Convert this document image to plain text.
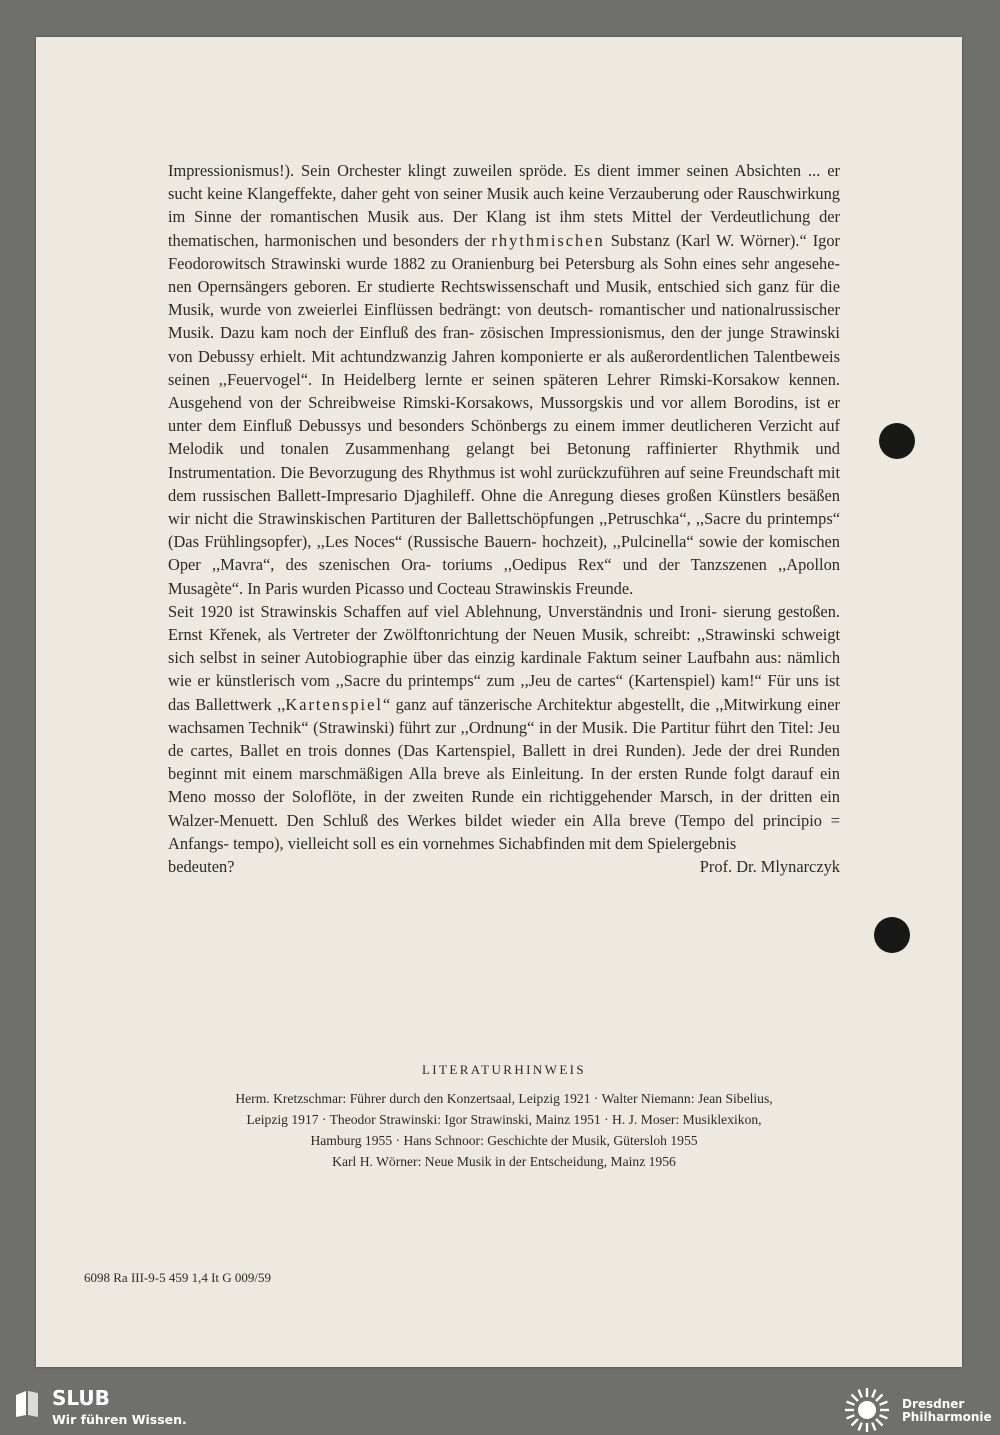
Impressionismus!). Sein Orchester klingt zuweilen spröde. Es dient immer seinen Absichten ... er sucht keine Klangeffekte, daher geht von seiner Musik auch keine Verzauberung oder Rauschwirkung im Sinne der romantischen Musik aus. Der Klang ist ihm stets Mittel der Verdeutlichung der thematischen, harmonischen und besonders der rhythmischen Substanz (Karl W. Wörner).“ Igor Feodorowitsch Strawinski wurde 1882 zu Oranienburg bei Petersburg als Sohn eines sehr angesehe- nen Opernsängers geboren. Er studierte Rechtswissenschaft und Musik, entschied sich ganz für die Musik, wurde von zweierlei Einflüssen bedrängt: von deutsch- romantischer und nationalrussischer Musik. Dazu kam noch der Einfluß des fran- zösischen Impressionismus, den der junge Strawinski von Debussy erhielt. Mit achtundzwanzig Jahren komponierte er als außerordentlichen Talentbeweis seinen ,,Feuervogel“. In Heidelberg lernte er seinen späteren Lehrer Rimski-Korsakow kennen. Ausgehend von der Schreibweise Rimski-Korsakows, Mussorgskis und vor allem Borodins, ist er unter dem Einfluß Debussys und besonders Schönbergs zu einem immer deutlicheren Verzicht auf Melodik und tonalen Zusammenhang gelangt bei Betonung raffinierter Rhythmik und Instrumentation. Die Bevorzugung des Rhythmus ist wohl zurückzuführen auf seine Freundschaft mit dem russischen Ballett-Impresario Djaghileff. Ohne die Anregung dieses großen Künstlers besäßen wir nicht die Strawinskischen Partituren der Ballettschöpfungen ,,Petruschka“, ,,Sacre du printemps“ (Das Frühlingsopfer), ,,Les Noces“ (Russische Bauern- hochzeit), ,,Pulcinella“ sowie der komischen Oper ,,Mavra“, des szenischen Ora- toriums ,,Oedipus Rex“ und der Tanzszenen ,,Apollon Musagète“. In Paris wurden Picasso und Cocteau Strawinskis Freunde.

Seit 1920 ist Strawinskis Schaffen auf viel Ablehnung, Unverständnis und Ironi- sierung gestoßen. Ernst Křenek, als Vertreter der Zwölftonrichtung der Neuen Musik, schreibt: ,,Strawinski schweigt sich selbst in seiner Autobiographie über das einzig kardinale Faktum seiner Laufbahn aus: nämlich wie er künstlerisch vom ,,Sacre du printemps“ zum ,,Jeu de cartes“ (Kartenspiel) kam!“ Für uns ist das Ballettwerk ,,Kartenspiel“ ganz auf tänzerische Architektur abgestellt, die ,,Mitwirkung einer wachsamen Technik“ (Strawinski) führt zur ,,Ordnung“ in der Musik. Die Partitur führt den Titel: Jeu de cartes, Ballet en trois donnes (Das Kartenspiel, Ballett in drei Runden). Jede der drei Runden beginnt mit einem marschmäßigen Alla breve als Einleitung. In der ersten Runde folgt darauf ein Meno mosso der Soloflöte, in der zweiten Runde ein richtiggehender Marsch, in der dritten ein Walzer-Menuett. Den Schluß des Werkes bildet wieder ein Alla breve (Tempo del principio = Anfangs- tempo), vielleicht soll es ein vornehmes Sichabfinden mit dem Spielergebnis

bedeuten?	Prof. Dr. Mlynarczyk

LITERATURHINWEIS
Herm. Kretzschmar: Führer durch den Konzertsaal, Leipzig 1921 · Walter Niemann: Jean Sibelius,
Leipzig 1917 · Theodor Strawinski: Igor Strawinski, Mainz 1951 · H. J. Moser: Musiklexikon,
Hamburg 1955 · Hans Schnoor: Geschichte der Musik, Gütersloh 1955
Karl H. Wörner: Neue Musik in der Entscheidung, Mainz 1956
6098 Ra III-9-5 459 1,4 It G 009/59
SLUB
Wir führen Wissen.
Dresdner
Philharmonie
